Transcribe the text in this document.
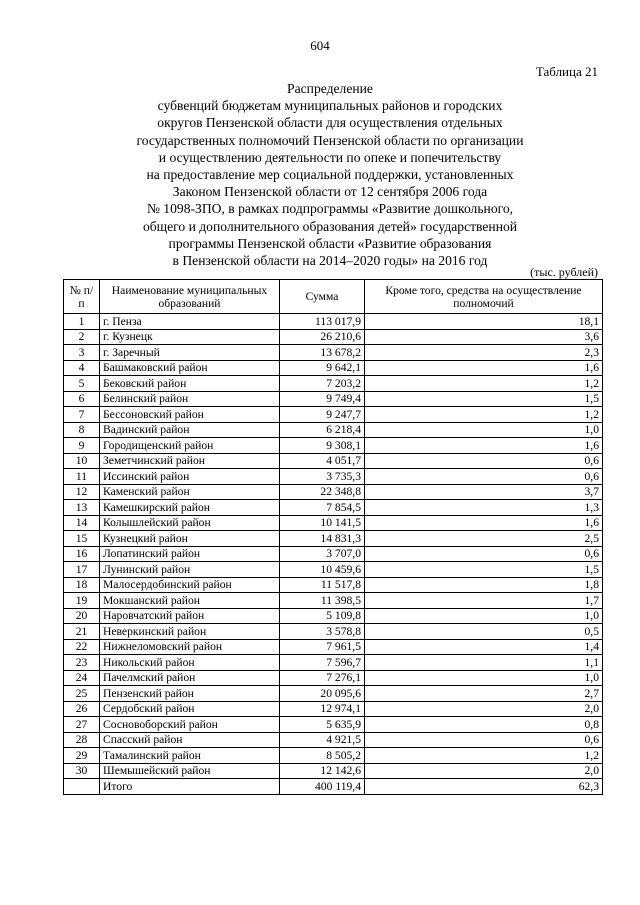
604
Таблица 21
Распределение
субвенций бюджетам муниципальных районов и городских
округов Пензенской области для осуществления отдельных
государственных полномочий Пензенской области по организации
и осуществлению деятельности по опеке и попечительству
на предоставление мер социальной поддержки, установленных
Законом Пензенской области от 12 сентября 2006 года
№ 1098-ЗПО, в рамках подпрограммы «Развитие дошкольного,
общего и дополнительного образования детей» государственной
программы Пензенской области «Развитие образования
в Пензенской области на 2014–2020 годы» на 2016 год
(тыс. рублей)
№ п/п	Наименование муниципальных образований	Сумма	Кроме того, средства на осуществление полномочий
1	г. Пенза	113 017,9	18,1
2	г. Кузнецк	26 210,6	3,6
3	г. Заречный	13 678,2	2,3
4	Башмаковский район	9 642,1	1,6
5	Бековский район	7 203,2	1,2
6	Белинский район	9 749,4	1,5
7	Бессоновский район	9 247,7	1,2
8	Вадинский район	6 218,4	1,0
9	Городищенский район	9 308,1	1,6
10	Земетчинский район	4 051,7	0,6
11	Иссинский район	3 735,3	0,6
12	Каменский район	22 348,8	3,7
13	Камешкирский район	7 854,5	1,3
14	Колышлейский район	10 141,5	1,6
15	Кузнецкий район	14 831,3	2,5
16	Лопатинский район	3 707,0	0,6
17	Лунинский район	10 459,6	1,5
18	Малосердобинский район	11 517,8	1,8
19	Мокшанский район	11 398,5	1,7
20	Наровчатский район	5 109,8	1,0
21	Неверкинский район	3 578,8	0,5
22	Нижнеломовский район	7 961,5	1,4
23	Никольский район	7 596,7	1,1
24	Пачелмский район	7 276,1	1,0
25	Пензенский район	20 095,6	2,7
26	Сердобский район	12 974,1	2,0
27	Сосновоборский район	5 635,9	0,8
28	Спасский район	4 921,5	0,6
29	Тамалинский район	8 505,2	1,2
30	Шемышейский район	12 142,6	2,0
	Итого	400 119,4	62,3
